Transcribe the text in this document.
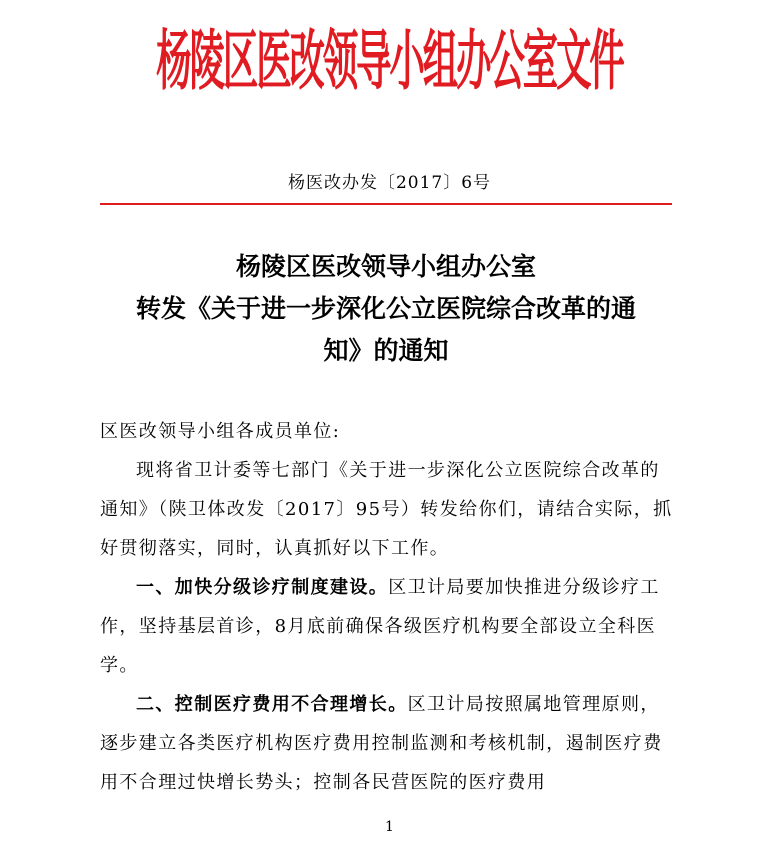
杨陵区医改领导小组办公室文件
杨医改办发〔2017〕6号
杨陵区医改领导小组办公室
转发《关于进一步深化公立医院综合改革的通
知》的通知

区医改领导小组各成员单位:

现将省卫计委等七部门《关于进一步深化公立医院综合改革的通知》（陕卫体改发〔2017〕95号）转发给你们，请结合实际，抓好贯彻落实，同时，认真抓好以下工作。

一、加快分级诊疗制度建设。区卫计局要加快推进分级诊疗工作，坚持基层首诊，8月底前确保各级医疗机构要全部设立全科医学。

二、控制医疗费用不合理增长。区卫计局按照属地管理原则，逐步建立各类医疗机构医疗费用控制监测和考核机制，遏制医疗费用不合理过快增长势头；控制各民营医院的医疗费用

1
